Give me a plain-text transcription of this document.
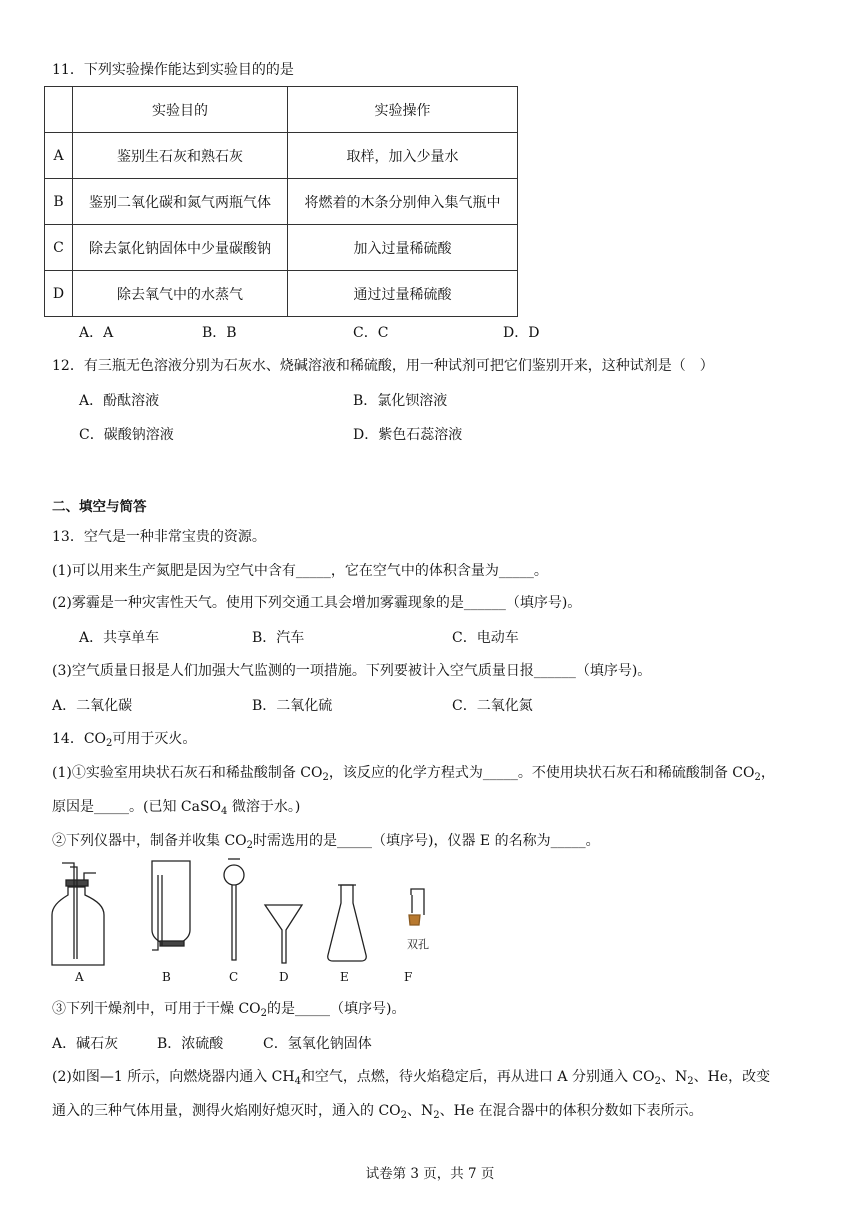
11．下列实验操作能达到实验目的的是
	实验目的	实验操作
A	鉴别生石灰和熟石灰	取样，加入少量水
B	鉴别二氧化碳和氮气两瓶气体	将燃着的木条分别伸入集气瓶中
C	除去氯化钠固体中少量碳酸钠	加入过量稀硫酸
D	除去氧气中的水蒸气	通过过量稀硫酸
A．A	B．B	C．C	D．D
12．有三瓶无色溶液分别为石灰水、烧碱溶液和稀硫酸，用一种试剂可把它们鉴别开来，这种试剂是（　）
A．酚酞溶液	B．氯化钡溶液
C．碳酸钠溶液	D．紫色石蕊溶液
二、填空与简答
13．空气是一种非常宝贵的资源。
(1)可以用来生产氮肥是因为空气中含有_____，它在空气中的体积含量为_____。
(2)雾霾是一种灾害性天气。使用下列交通工具会增加雾霾现象的是______（填序号)。
A．共享单车	B．汽车	C．电动车
(3)空气质量日报是人们加强大气监测的一项措施。下列要被计入空气质量日报______（填序号)。
A．二氧化碳	B．二氧化硫	C．二氧化氮
14．$CO_2$可用于灭火。
(1)①实验室用块状石灰石和稀盐酸制备 $CO_2$，该反应的化学方程式为_____。不使用块状石灰石和稀硫酸制备 $CO_2$，
原因是_____。(已知 CaSO$_4$ 微溶于水。)
②下列仪器中，制备并收集 $CO_2$时需选用的是_____（填序号)，仪器 E 的名称为_____。
双孔
A	B	C	D	E	F
③下列干燥剂中，可用于干燥 $CO_2$的是_____（填序号)。
A．碱石灰	B．浓硫酸	C．氢氧化钠固体
(2)如图—1 所示，向燃烧器内通入 $CH_4$和空气，点燃，待火焰稳定后，再从进口 A 分别通入 $CO_2$、$N_2$、He，改变
通入的三种气体用量，测得火焰刚好熄灭时，通入的 $CO_2$、$N_2$、He 在混合器中的体积分数如下表所示。
试卷第 3 页，共 7 页
